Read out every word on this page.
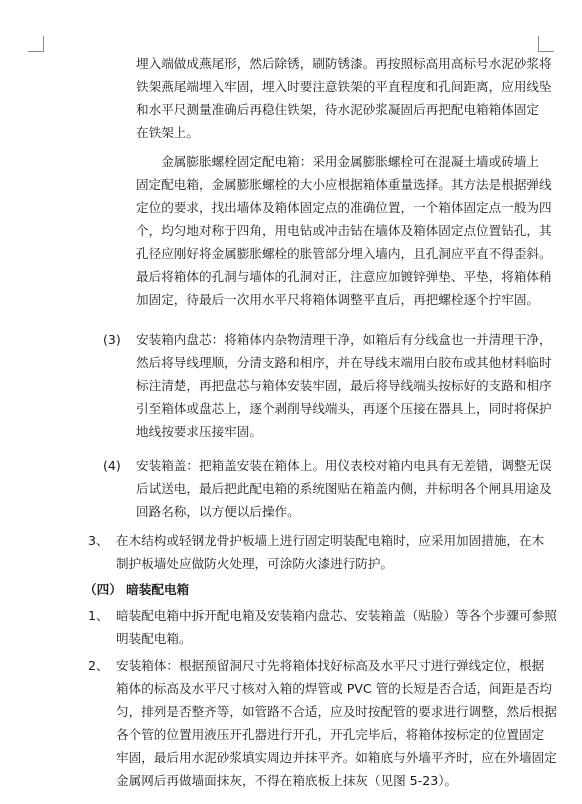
埋入端做成燕尾形，然后除锈，刷防锈漆。再按照标高用高标号水泥砂浆将
铁架燕尾端埋入牢固，埋入时要注意铁架的平直程度和孔间距离，应用线坠
和水平尺测量准确后再稳住铁架，待水泥砂浆凝固后再把配电箱箱体固定
在铁架上。
　　金属膨胀螺栓固定配电箱：采用金属膨胀螺栓可在混凝土墙或砖墙上
固定配电箱，金属膨胀螺栓的大小应根据箱体重量选择。其方法是根据弹线
定位的要求，找出墙体及箱体固定点的准确位置，一个箱体固定点一般为四
个，均匀地对称于四角，用电钻或冲击钻在墙体及箱体固定点位置钻孔，其
孔径应刚好将金属膨胀螺栓的胀管部分埋入墙内，且孔洞应平直不得歪斜。
最后将箱体的孔洞与墙体的孔洞对正，注意应加镀锌弹垫、平垫，将箱体稍
加固定，待最后一次用水平尺将箱体调整平直后，再把螺栓逐个拧牢固。
(3) 安装箱内盘芯：将箱体内杂物清理干净，如箱后有分线盒也一并清理干净，
然后将导线理顺，分清支路和相序，并在导线末端用白胶布或其他材料临时
标注清楚，再把盘芯与箱体安装牢固，最后将导线端头按标好的支路和相序
引至箱体或盘芯上，逐个剥削导线端头，再逐个压接在器具上，同时将保护
地线按要求压接牢固。
(4) 安装箱盖：把箱盖安装在箱体上。用仪表校对箱内电具有无差错，调整无误
后试送电，最后把此配电箱的系统图贴在箱盖内侧，并标明各个闸具用途及
回路名称，以方便以后操作。
3、 在木结构或轻钢龙骨护板墙上进行固定明装配电箱时，应采用加固措施，在木
制护板墙处应做防火处理，可涂防火漆进行防护。
（四） 暗装配电箱
1、 暗装配电箱中拆开配电箱及安装箱内盘芯、安装箱盖（贴脸）等各个步骤可参照
明装配电箱。
2、 安装箱体：根据预留洞尺寸先将箱体找好标高及水平尺寸进行弹线定位，根据
箱体的标高及水平尺寸核对入箱的焊管或 PVC 管的长短是否合适，间距是否均
匀，排列是否整齐等，如管路不合适，应及时按配管的要求进行调整，然后根据
各个管的位置用液压开孔器进行开孔，开孔完毕后，将箱体按标定的位置固定
牢固，最后用水泥砂浆填实周边并抹平齐。如箱底与外墙平齐时，应在外墙固定
金属网后再做墙面抹灰，不得在箱底板上抹灰（见图 5-23）。
